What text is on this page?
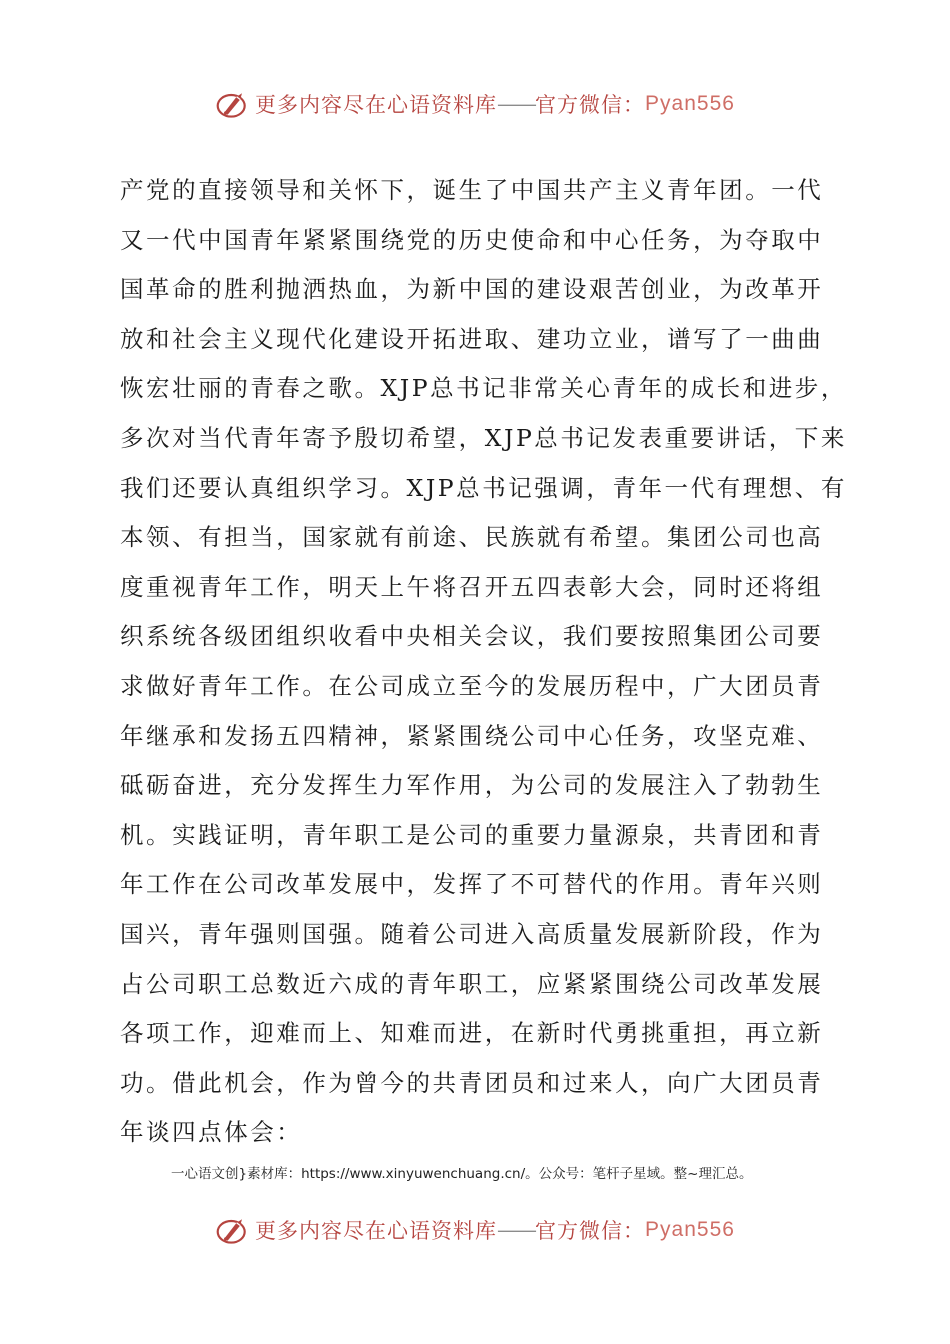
更多内容尽在心语资料库 —— 官方微信： Pyan556
产党的直接领导和关怀下，诞生了中国共产主义青年团。一代
又一代中国青年紧紧围绕党的历史使命和中心任务，为夺取中
国革命的胜利抛洒热血，为新中国的建设艰苦创业，为改革开
放和社会主义现代化建设开拓进取、建功立业，谱写了一曲曲
恢宏壮丽的青春之歌。XJP总书记非常关心青年的成长和进步，
多次对当代青年寄予殷切希望，XJP总书记发表重要讲话，下来
我们还要认真组织学习。XJP总书记强调，青年一代有理想、有
本领、有担当，国家就有前途、民族就有希望。集团公司也高
度重视青年工作，明天上午将召开五四表彰大会，同时还将组
织系统各级团组织收看中央相关会议，我们要按照集团公司要
求做好青年工作。在公司成立至今的发展历程中，广大团员青
年继承和发扬五四精神，紧紧围绕公司中心任务，攻坚克难、
砥砺奋进，充分发挥生力军作用，为公司的发展注入了勃勃生
机。实践证明，青年职工是公司的重要力量源泉，共青团和青
年工作在公司改革发展中，发挥了不可替代的作用。青年兴则
国兴，青年强则国强。随着公司进入高质量发展新阶段，作为
占公司职工总数近六成的青年职工，应紧紧围绕公司改革发展
各项工作，迎难而上、知难而进，在新时代勇挑重担，再立新
功。借此机会，作为曾今的共青团员和过来人，向广大团员青
年谈四点体会：
一心语文创}素材库：https://www.xinyuwenchuang.cn/。公众号：笔杆子星域。整~理汇总。
更多内容尽在心语资料库 —— 官方微信： Pyan556
